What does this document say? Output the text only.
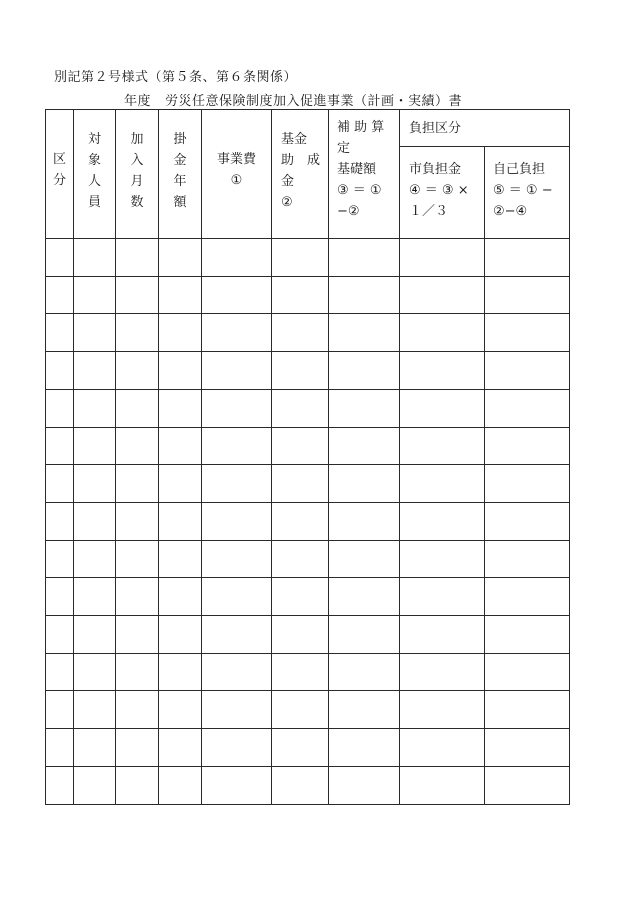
別記第２号様式（第５条、第６条関係）
年度 労災任意保険制度加入促進事業（計画・実績）書
区
分
対
象
人
員
加
入
月
数
掛
金
年
額
事業費
①
基金
助　成
金
②
補 助 算
定
基礎額
③ ＝ ①
−②
負担区分
市負担金
④ ＝ ③ ×
１／３
自己負担
⑤ ＝ ① −
②−④
